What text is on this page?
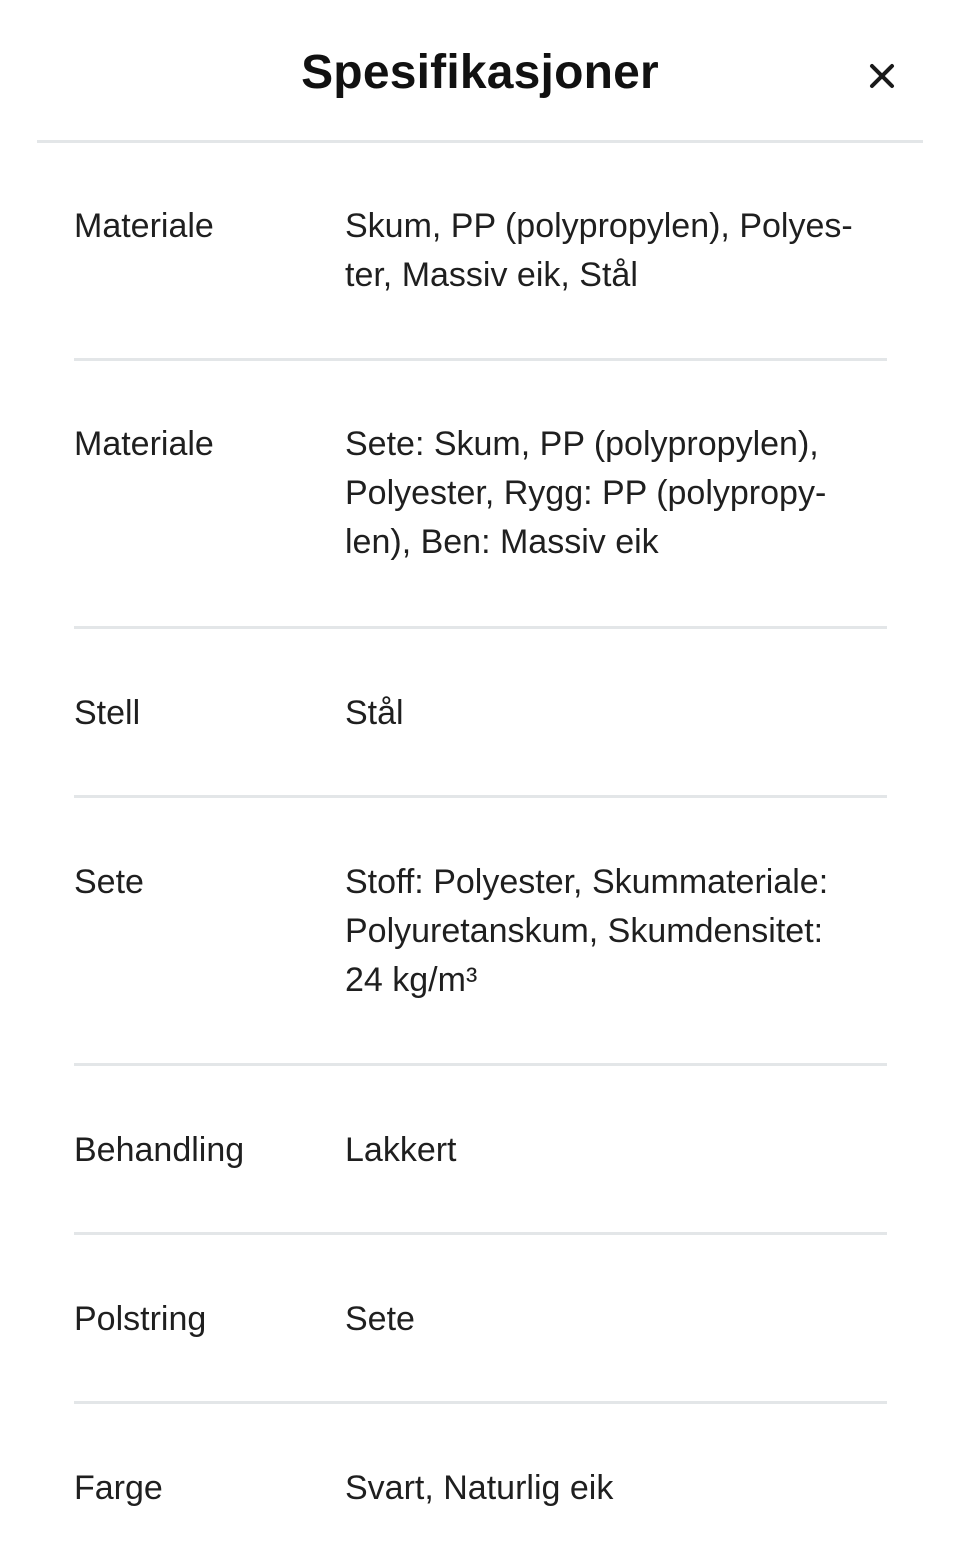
Spesifikasjoner
Materiale	Skum, PP (polypropylen), Polyes-
ter, Massiv eik, Stål
Materiale	Sete: Skum, PP (polypropylen),
Polyester, Rygg: PP (polypropy-
len), Ben: Massiv eik
Stell	Stål
Sete	Stoff: Polyester, Skummateriale:
Polyuretanskum, Skumdensitet:
24 kg/m³
Behandling	Lakkert
Polstring	Sete
Farge	Svart, Naturlig eik
